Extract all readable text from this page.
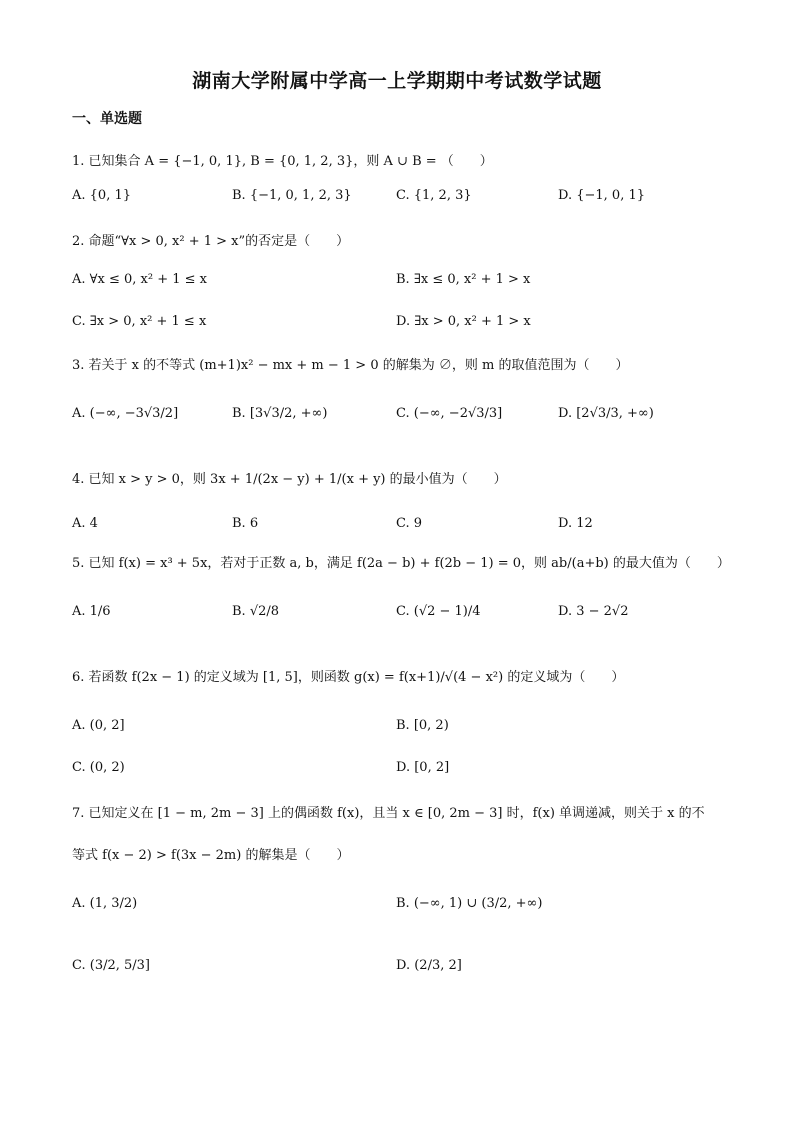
湖南大学附属中学高一上学期期中考试数学试题
一、单选题
1. 已知集合 A = {−1, 0, 1}, B = {0, 1, 2, 3}，则 A ∪ B = （　　）
A. {0, 1}	B. {−1, 0, 1, 2, 3}	C. {1, 2, 3}	D. {−1, 0, 1}
2. 命题“∀x > 0, x² + 1 > x”的否定是（　　）
A. ∀x ≤ 0, x² + 1 ≤ x	B. ∃x ≤ 0, x² + 1 > x
C. ∃x > 0, x² + 1 ≤ x	D. ∃x > 0, x² + 1 > x
3. 若关于 x 的不等式 (m+1)x² − mx + m − 1 > 0 的解集为 ∅，则 m 的取值范围为（　　）
A. (−∞, −3√3/2]	B. [3√3/2, +∞)	C. (−∞, −2√3/3]	D. [2√3/3, +∞)
4. 已知 x > y > 0，则 3x + 1/(2x − y) + 1/(x + y) 的最小值为（　　）
A. 4	B. 6	C. 9	D. 12
5. 已知 f(x) = x³ + 5x，若对于正数 a, b，满足 f(2a − b) + f(2b − 1) = 0，则 ab/(a+b) 的最大值为（　　）
A. 1/6	B. √2/8	C. (√2 − 1)/4	D. 3 − 2√2
6. 若函数 f(2x − 1) 的定义域为 [1, 5]，则函数 g(x) = f(x+1)/√(4 − x²) 的定义域为（　　）
A. (0, 2]	B. [0, 2)
C. (0, 2)	D. [0, 2]
7. 已知定义在 [1 − m, 2m − 3] 上的偶函数 f(x)，且当 x ∈ [0, 2m − 3] 时，f(x) 单调递减，则关于 x 的不
等式 f(x − 2) > f(3x − 2m) 的解集是（　　）
A. (1, 3/2)	B. (−∞, 1) ∪ (3/2, +∞)
C. (3/2, 5/3]	D. (2/3, 2]
